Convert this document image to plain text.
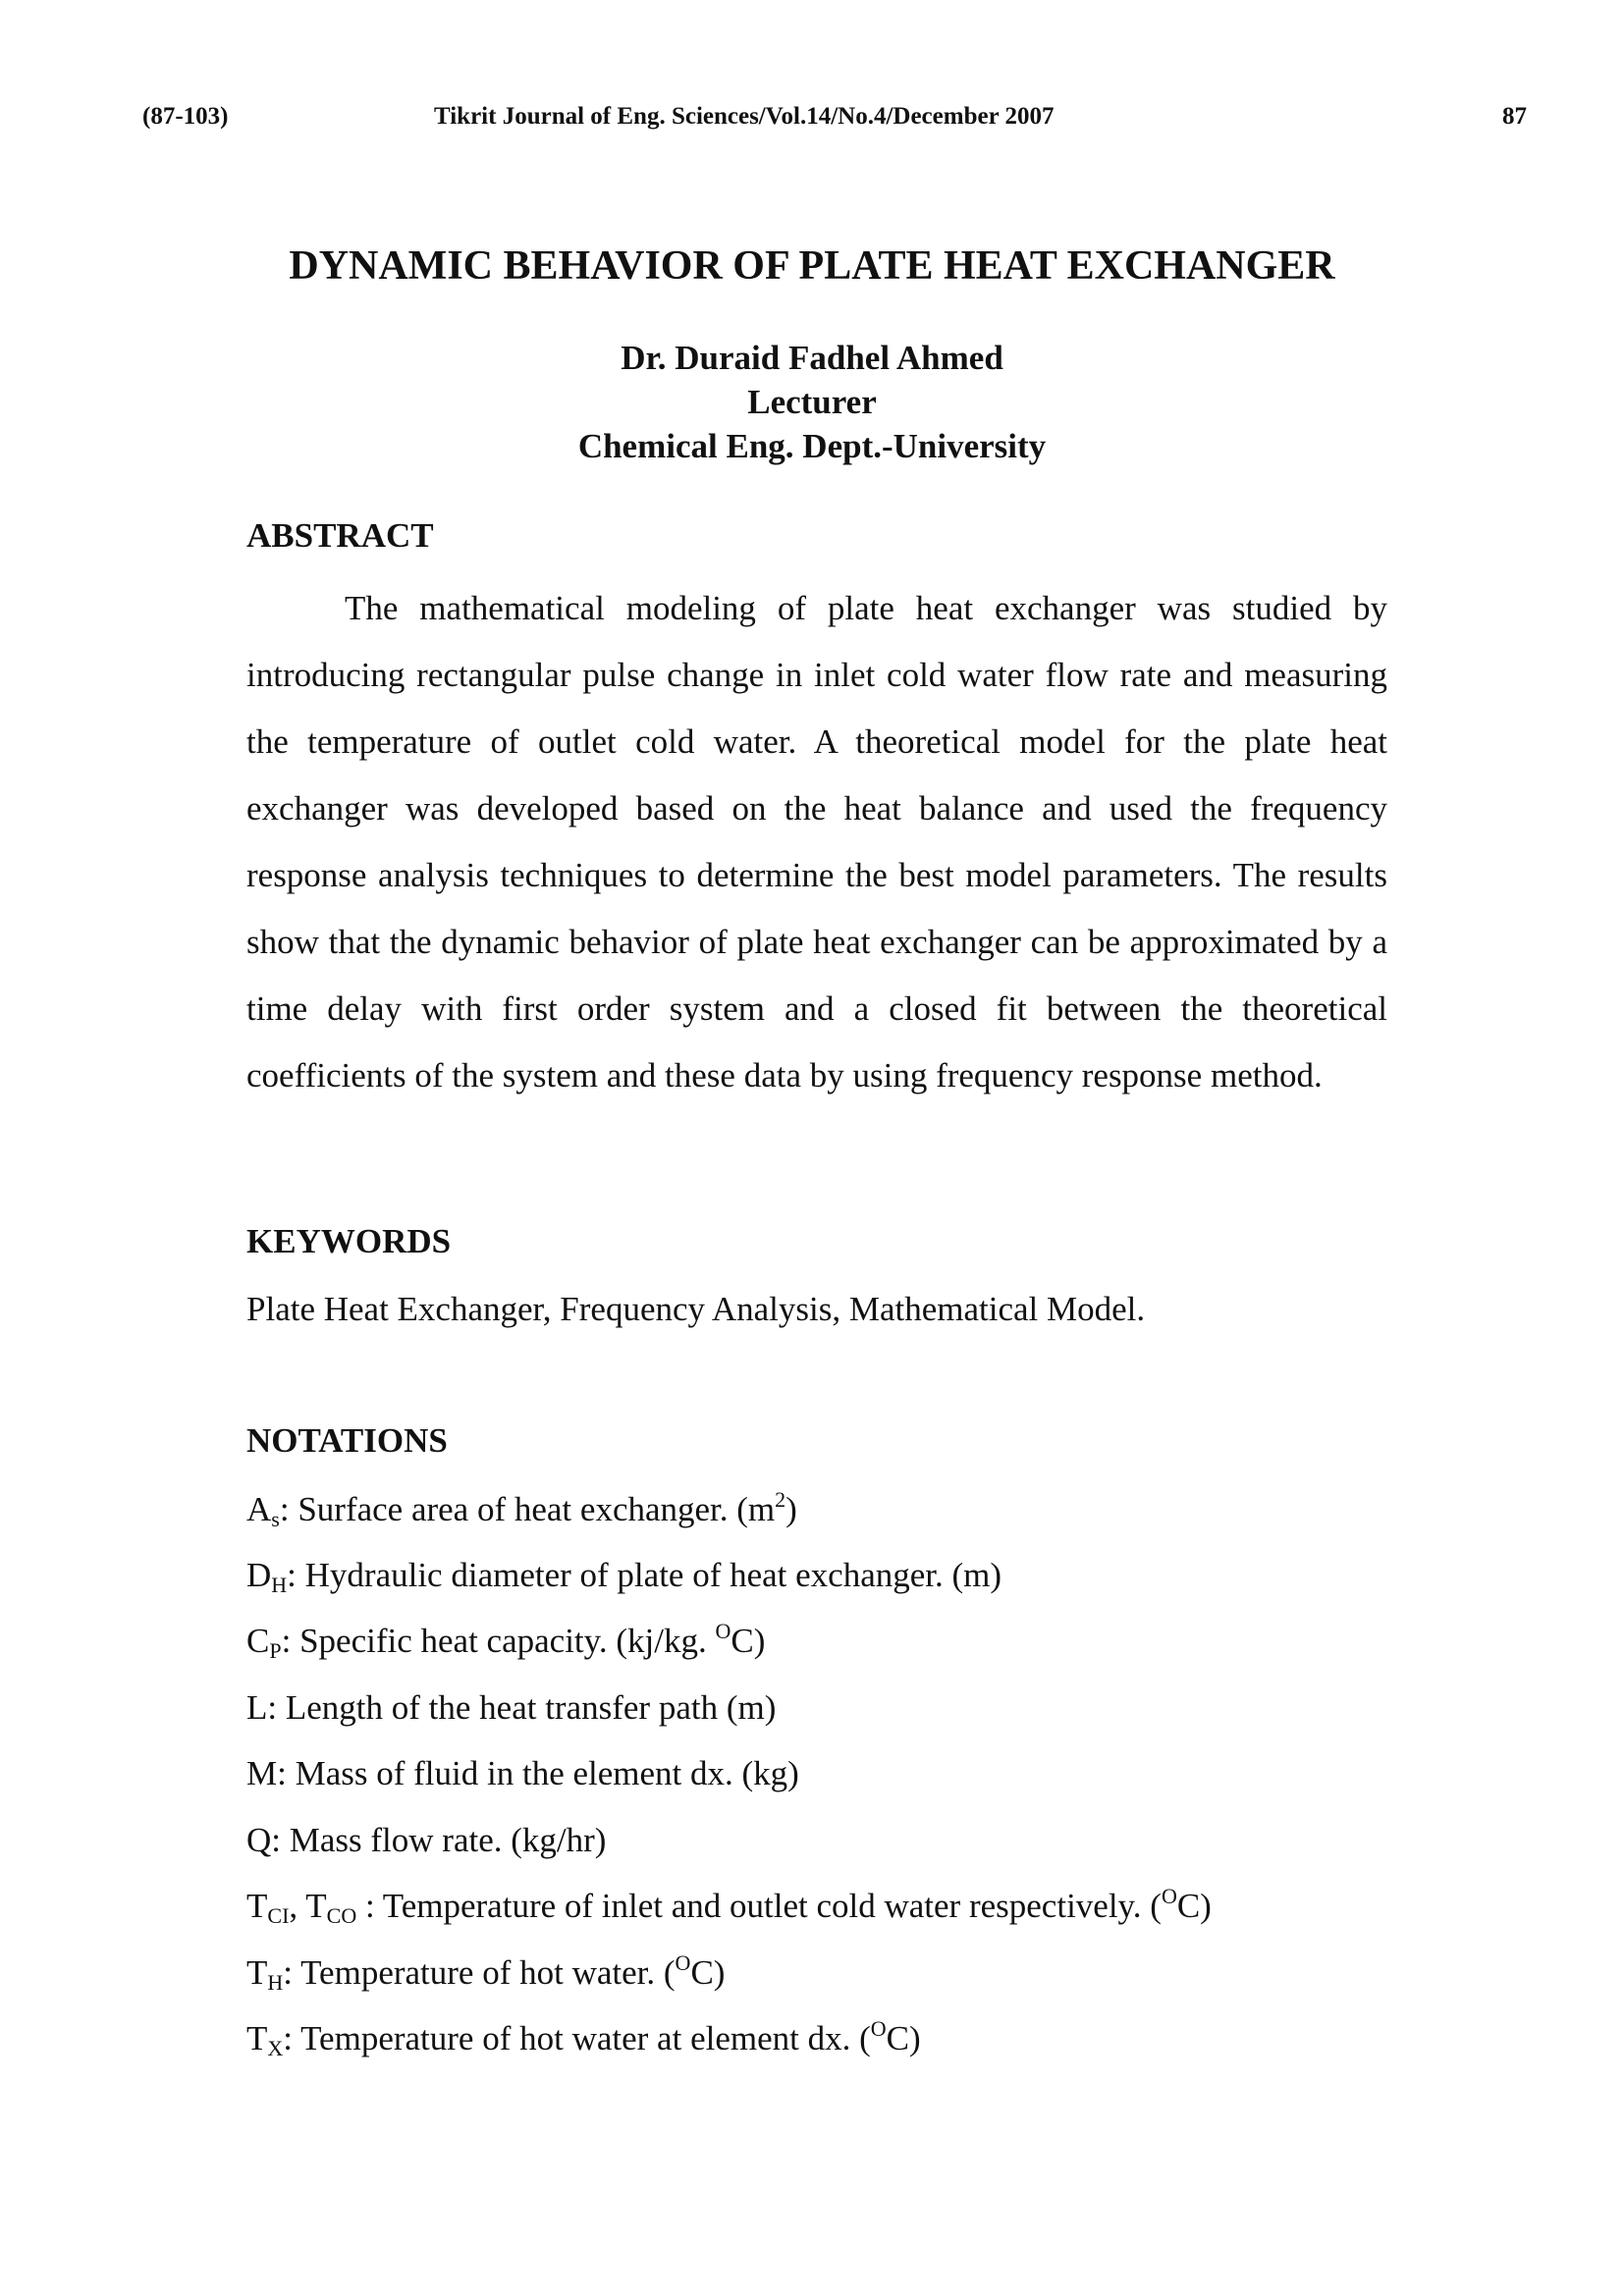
(87-103)	Tikrit Journal of Eng. Sciences/Vol.14/No.4/December 2007	87
DYNAMIC BEHAVIOR OF PLATE HEAT EXCHANGER
Dr. Duraid Fadhel Ahmed
Lecturer
Chemical Eng. Dept.-University
ABSTRACT

The mathematical modeling of plate heat exchanger was studied by introducing rectangular pulse change in inlet cold water flow rate and measuring the temperature of outlet cold water. A theoretical model for the plate heat exchanger was developed based on the heat balance and used the frequency response analysis techniques to determine the best model parameters. The results show that the dynamic behavior of plate heat exchanger can be approximated by a time delay with first order system and a closed fit between the theoretical coefficients of the system and these data by using frequency response method.

KEYWORDS
Plate Heat Exchanger, Frequency Analysis, Mathematical Model.
NOTATIONS
$A_s$: Surface area of heat exchanger. $(m^2)$
$D_H$: Hydraulic diameter of plate of heat exchanger. (m)
$C_P$: Specific heat capacity. (kj/kg. $^O$C)
L: Length of the heat transfer path (m)
M: Mass of fluid in the element dx. (kg)
Q: Mass flow rate. (kg/hr)
$T_{CI}$, $T_{CO}$ : Temperature of inlet and outlet cold water respectively. ($^O$C)
$T_H$: Temperature of hot water. ($^O$C)
$T_X$: Temperature of hot water at element dx. ($^O$C)
